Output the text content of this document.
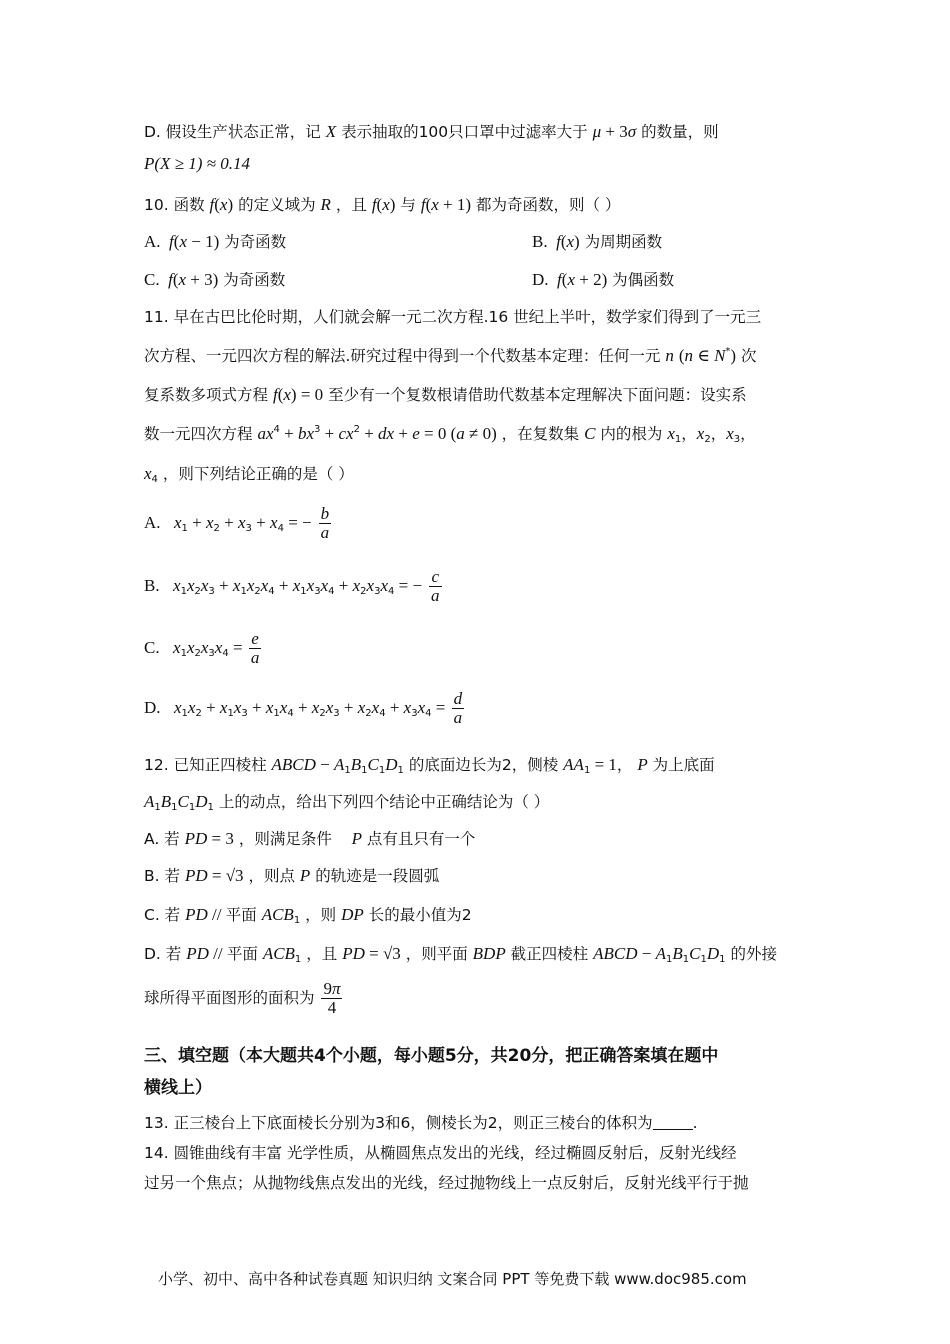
D. 假设生产状态正常，记 X 表示抽取的100只口罩中过滤率大于 μ + 3σ 的数量，则
P(X ≥ 1) ≈ 0.14
10. 函数 f(x) 的定义域为 R ，且 f(x) 与 f(x + 1) 都为奇函数，则（ ）
A.  f(x − 1) 为奇函数	B.  f(x) 为周期函数
C.  f(x + 3) 为奇函数	D.  f(x + 2) 为偶函数
11. 早在古巴比伦时期，人们就会解一元二次方程.16 世纪上半叶，数学家们得到了一元三
次方程、一元四次方程的解法.研究过程中得到一个代数基本定理：任何一元 n (n ∈ N*) 次
复系数多项式方程 f(x) = 0 至少有一个复数根请借助代数基本定理解决下面问题：设实系
数一元四次方程 $ax^4 + bx^3 + cx^2$ + dx + e = 0 (a ≠ 0) ，在复数集 C 内的根为 $x_1$，$x_2$，$x_3$，
$x_4$ ，则下列结论正确的是（ ）
A.   $x_1 + x_2 + x_3 + x_4$ = − $\frac{b}{a}$
B.   $x_1x_2x_3 + x_1x_2x_4 + x_1x_3x_4 + x_2x_3x_4$ = − $\frac{c}{a}$
C.   $x_1x_2x_3x_4 = \frac{e}{a}$
D.   $x_1x_2 + x_1x_3 + x_1x_4 + x_2x_3 + x_2x_4 + x_3x_4 = \frac{d}{a}$
12. 已知正四棱柱 ABCD − $A_1B_1C_1D_1$ 的底面边长为2，侧棱 $AA_1 = 1$， P 为上底面
$A_1B_1C_1D_1$ 上的动点，给出下列四个结论中正确结论为（ ）
A. 若 PD = 3 ，则满足条件 P 点有且只有一个
B. 若 PD = √3 ，则点 P 的轨迹是一段圆弧
C. 若 PD // 平面 $ACB_1$ ，则 DP 长的最小值为2
D. 若 PD // 平面 $ACB_1$ ，且 PD = √3 ，则平面 BDP 截正四棱柱 ABCD − $A_1B_1C_1D_1$ 的外接
球所得平面图形的面积为 $\frac{9\pi}{4}$
三、填空题（本大题共4个小题，每小题5分，共20分，把正确答案填在题中
横线上）
13. 正三棱台上下底面棱长分别为3和6，侧棱长为2，则正三棱台的体积为	.
14. 圆锥曲线有丰富 光学性质，从椭圆焦点发出的光线，经过椭圆反射后，反射光线经
过另一个焦点；从抛物线焦点发出的光线，经过抛物线上一点反射后，反射光线平行于抛
小学、初中、高中各种试卷真题 知识归纳 文案合同 PPT 等免费下载 www.doc985.com
